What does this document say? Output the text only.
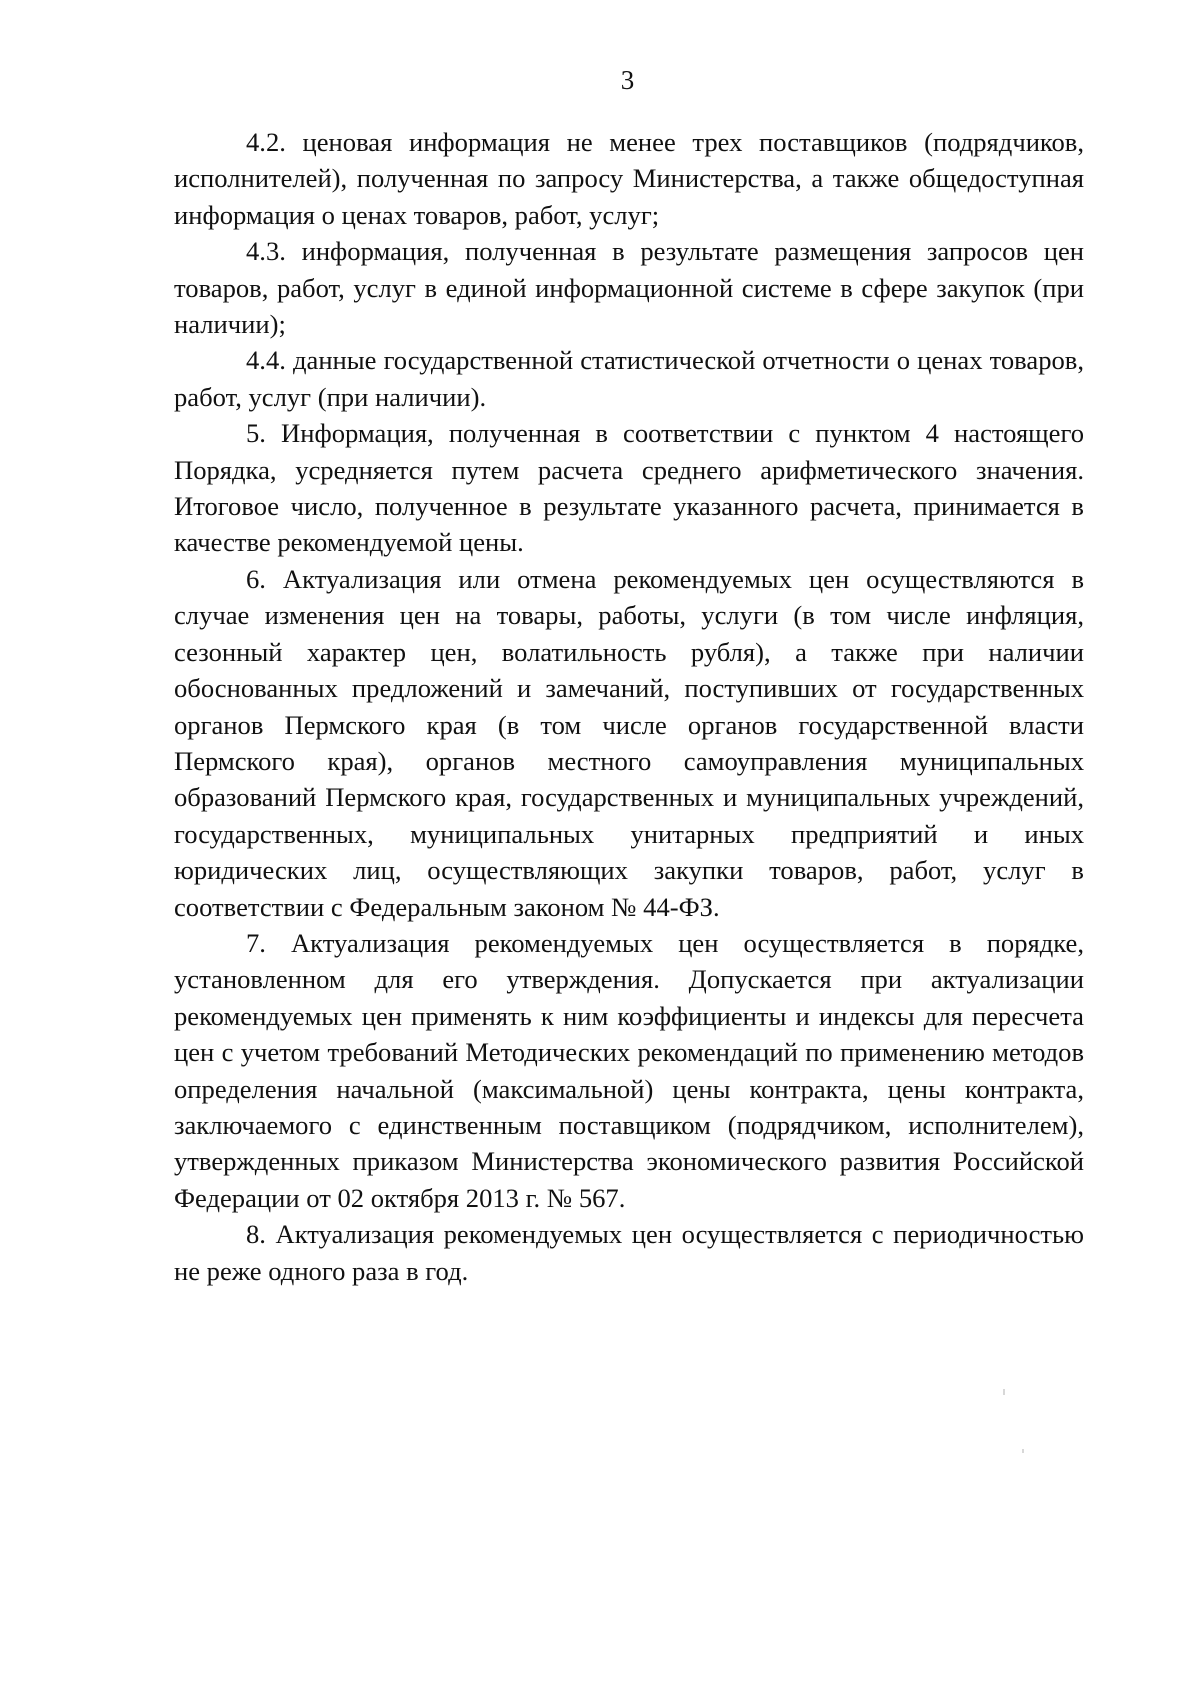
3

4.2. ценовая информация не менее трех поставщиков (подрядчиков, исполнителей), полученная по запросу Министерства, а также общедоступная информация о ценах товаров, работ, услуг;

4.3. информация, полученная в результате размещения запросов цен товаров, работ, услуг в единой информационной системе в сфере закупок (при наличии);

4.4. данные государственной статистической отчетности о ценах товаров, работ, услуг (при наличии).

5. Информация, полученная в соответствии с пунктом 4 настоящего Порядка, усредняется путем расчета среднего арифметического значения. Итоговое число, полученное в результате указанного расчета, принимается в качестве рекомендуемой цены.

6. Актуализация или отмена рекомендуемых цен осуществляются в случае изменения цен на товары, работы, услуги (в том числе инфляция, сезонный характер цен, волатильность рубля), а также при наличии обоснованных предложений и замечаний, поступивших от государственных органов Пермского края (в том числе органов государственной власти Пермского края), органов местного самоуправления муниципальных образований Пермского края, государственных и муниципальных учреждений, государственных, муниципальных унитарных предприятий и иных юридических лиц, осуществляющих закупки товаров, работ, услуг в соответствии с Федеральным законом № 44-ФЗ.

7. Актуализация рекомендуемых цен осуществляется в порядке, установленном для его утверждения. Допускается при актуализации рекомендуемых цен применять к ним коэффициенты и индексы для пересчета цен с учетом требований Методических рекомендаций по применению методов определения начальной (максимальной) цены контракта, цены контракта, заключаемого с единственным поставщиком (подрядчиком, исполнителем), утвержденных приказом Министерства экономического развития Российской Федерации от 02 октября 2013 г. № 567.

8. Актуализация рекомендуемых цен осуществляется с периодичностью не реже одного раза в год.
